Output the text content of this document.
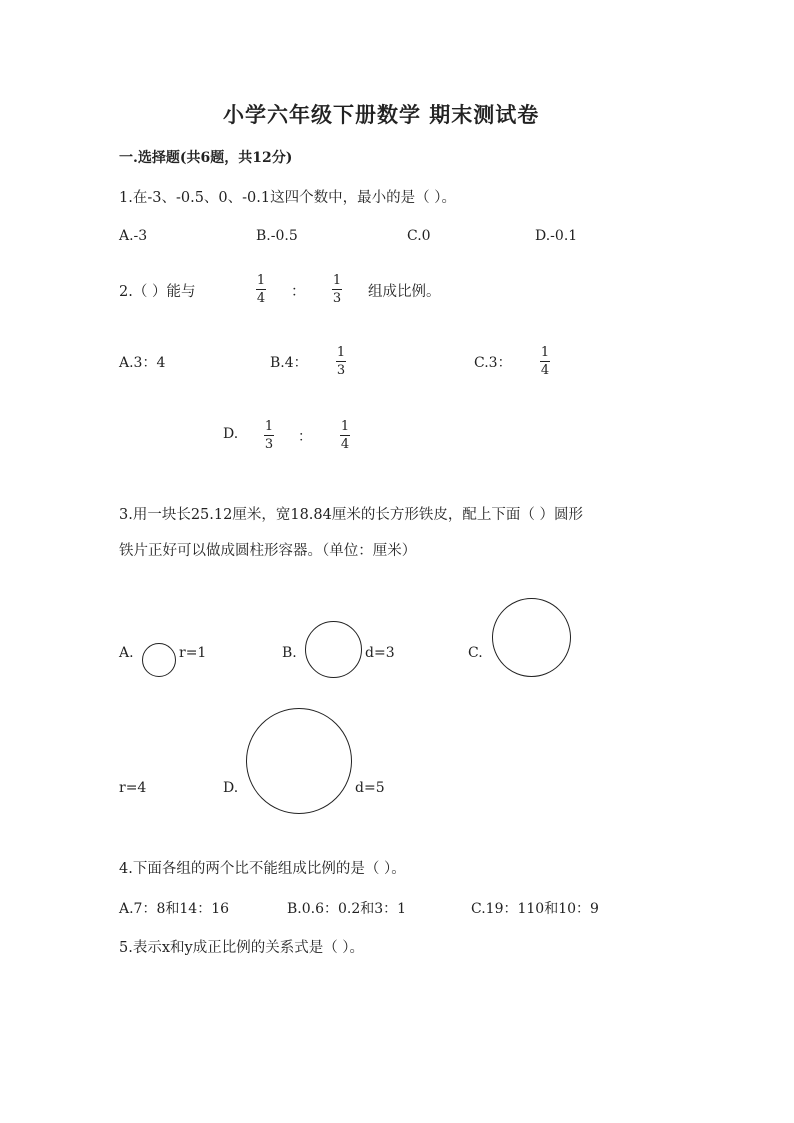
小学六年级下册数学 期末测试卷
一.选择题(共6题，共12分)
1.在-3、-0.5、0、-0.1这四个数中，最小的是（ ）。
A.-3	B.-0.5	C.0	D.-0.1
2.（ ）能与
1
4 ：
1
3 组成比例。
A.3：4	B.4：
1
3	C.3：
1
4
D. 1
3 ：
1
4
3.用一块长25.12厘米，宽18.84厘米的长方形铁皮，配上下面（ ）圆形
铁片正好可以做成圆柱形容器。（单位：厘米）
A.	r=1	B.	d=3	C.
r=4	D.	d=5
4.下面各组的两个比不能组成比例的是（ ）。
A.7：8和14：16	B.0.6：0.2和3：1	C.19：110和10：9
5.表示x和y成正比例的关系式是（ ）。
